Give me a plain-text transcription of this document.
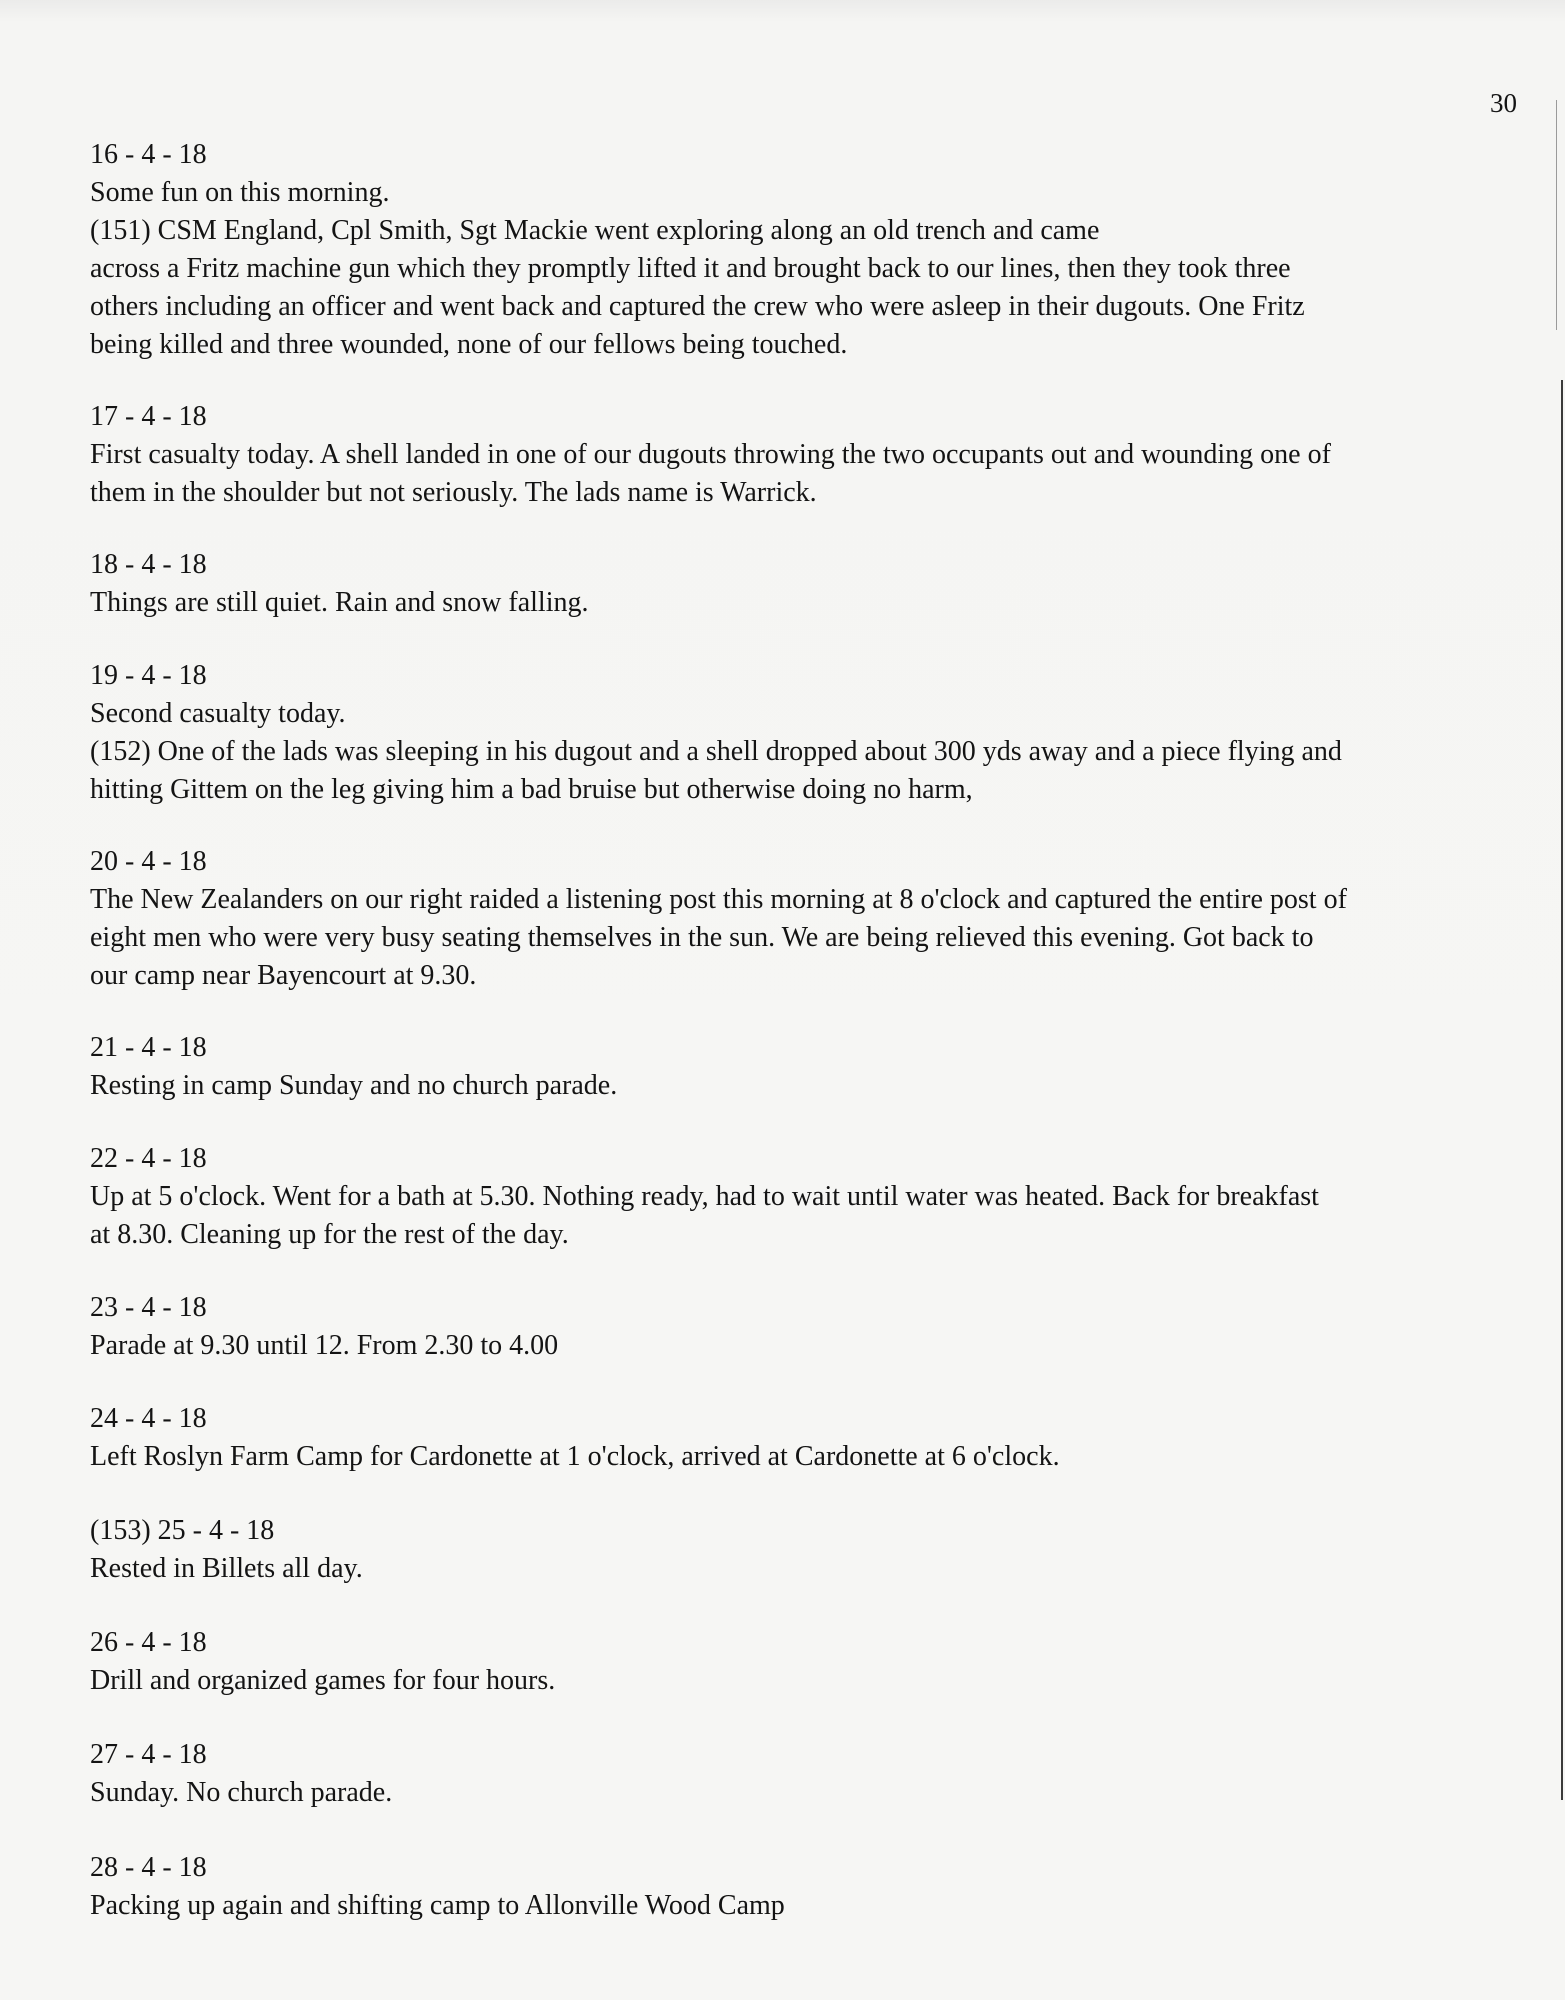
30
16 - 4 - 18
Some fun on this morning.
(151) CSM England, Cpl Smith, Sgt Mackie went exploring along an old trench and came
across a Fritz machine gun which they promptly lifted it and brought back to our lines, then they took three
others including an officer and went back and captured the crew who were asleep in their dugouts. One Fritz
being killed and three wounded, none of our fellows being touched.
17 - 4 - 18
First casualty today. A shell landed in one of our dugouts throwing the two occupants out and wounding one of
them in the shoulder but not seriously. The lads name is Warrick.
18 - 4 - 18
Things are still quiet. Rain and snow falling.
19 - 4 - 18
Second casualty today.
(152) One of the lads was sleeping in his dugout and a shell dropped about 300 yds away and a piece flying and
hitting Gittem on the leg giving him a bad bruise but otherwise doing no harm,
20 - 4 - 18
The New Zealanders on our right raided a listening post this morning at 8 o'clock and captured the entire post of
eight men who were very busy seating themselves in the sun. We are being relieved this evening. Got back to
our camp near Bayencourt at 9.30.
21 - 4 - 18
Resting in camp Sunday and no church parade.
22 - 4 - 18
Up at 5 o'clock. Went for a bath at 5.30. Nothing ready, had to wait until water was heated. Back for breakfast
at 8.30. Cleaning up for the rest of the day.
23 - 4 - 18
Parade at 9.30 until 12. From 2.30 to 4.00
24 - 4 - 18
Left Roslyn Farm Camp for Cardonette at 1 o'clock, arrived at Cardonette at 6 o'clock.
(153) 25 - 4 - 18
Rested in Billets all day.
26 - 4 - 18
Drill and organized games for four hours.
27 - 4 - 18
Sunday. No church parade.
28 - 4 - 18
Packing up again and shifting camp to Allonville Wood Camp
